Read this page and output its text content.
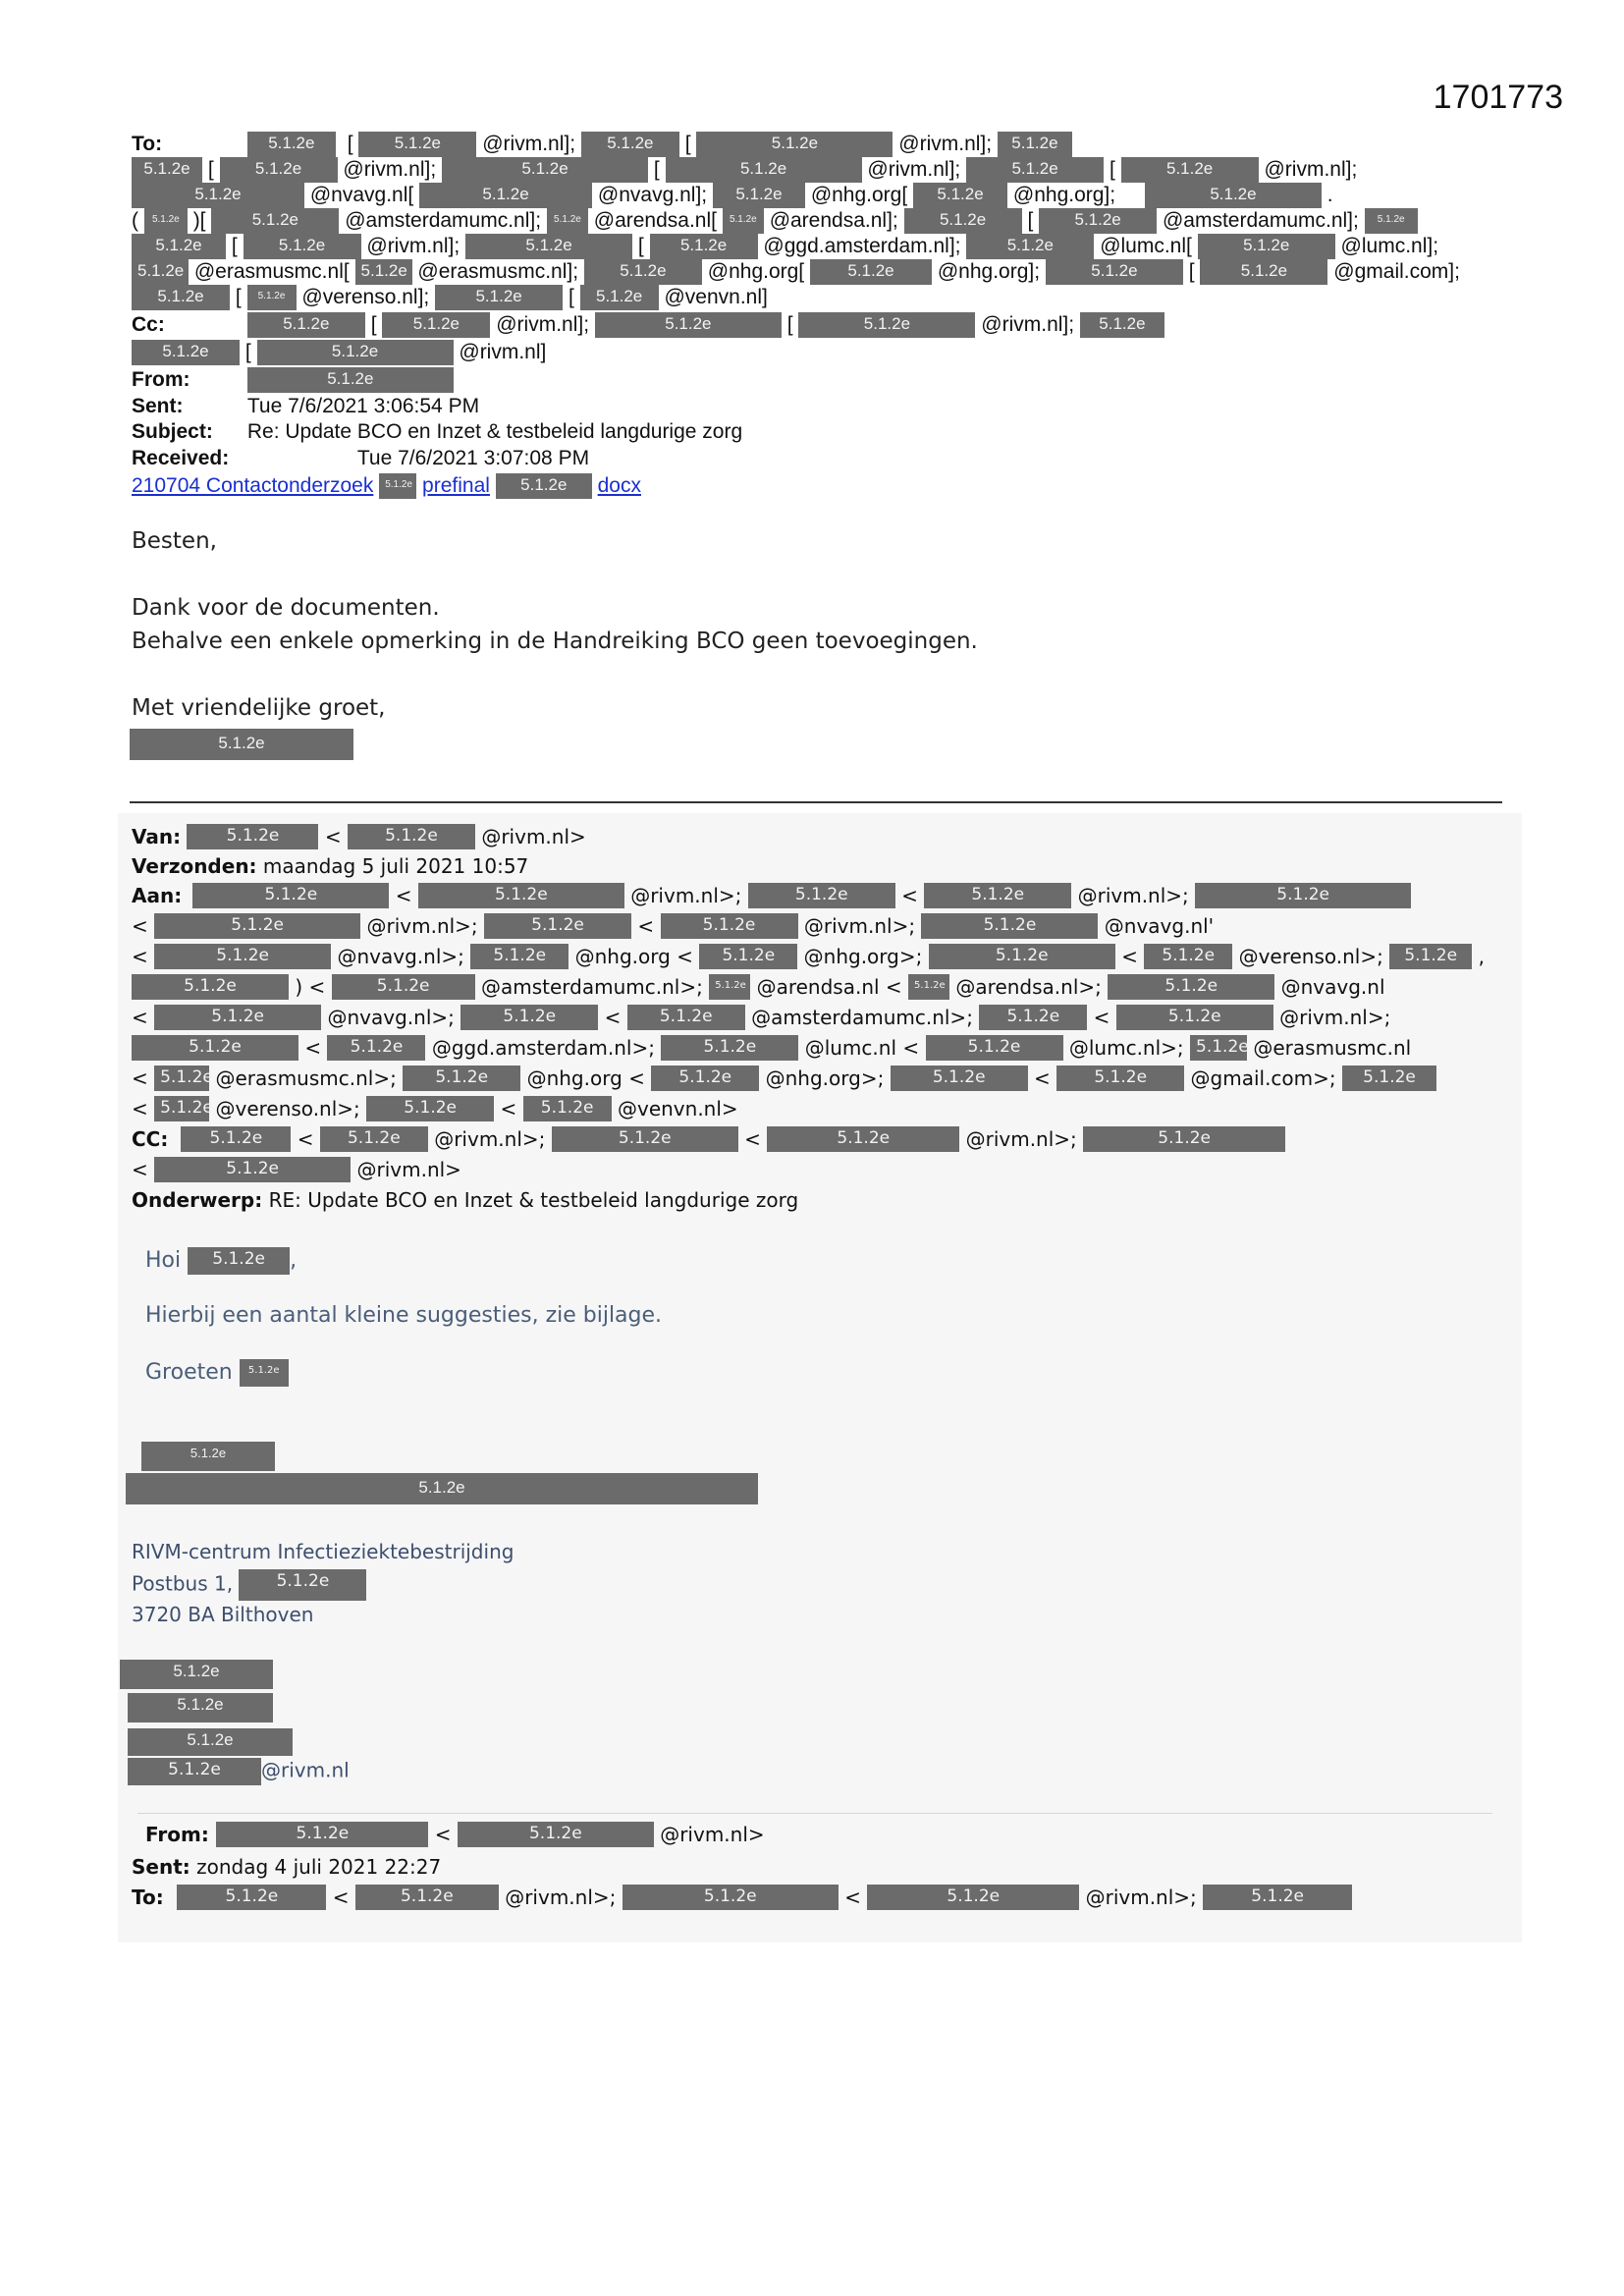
1701773
To:	5.1.2e [ 5.1.2e @rivm.nl]; 5.1.2e [	5.1.2e	@rivm.nl]; 5.1.2e
5.1.2e [ 5.1.2e @rivm.nl];	5.1.2e	[	5.1.2e	@rivm.nl];	5.1.2e [	5.1.2e @rivm.nl];
5.1.2e	@nvavg.nl[	5.1.2e	@nvavg.nl]; 5.1.2e @nhg.org[ 5.1.2e @nhg.org];	5.1.2e	.
( 5.1.2e )[	5.1.2e @amsterdamumc.nl]; 5.1.2e @arendsa.nl[ 5.1.2e @arendsa.nl]; 5.1.2e [ 5.1.2e @amsterdamumc.nl]; 5.1.2e
5.1.2e [ 5.1.2e @rivm.nl];	5.1.2e	[ 5.1.2e @ggd.amsterdam.nl];	5.1.2e @lumc.nl[	5.1.2e @lumc.nl];
5.1.2e @erasmusmc.nl[ 5.1.2e @erasmusmc.nl]; 5.1.2e @nhg.org[	5.1.2e @nhg.org];	5.1.2e [	5.1.2e @gmail.com];
5.1.2e [ 5.1.2e @verenso.nl];	5.1.2e [ 5.1.2e @venvn.nl]
Cc:	5.1.2e [ 5.1.2e @rivm.nl];	5.1.2e	[	5.1.2e	@rivm.nl]; 5.1.2e
5.1.2e [	5.1.2e	@rivm.nl]
From:	5.1.2e
Sent:	Tue 7/6/2021 3:06:54 PM
Subject: Re: Update BCO en Inzet & testbeleid langdurige zorg
Received:	Tue 7/6/2021 3:07:08 PM
210704 Contactonderzoek 5.1.2e prefinal 5.1.2e docx
Besten,
Dank voor de documenten.
Behalve een enkele opmerking in de Handreiking BCO geen toevoegingen.
Met vriendelijke groet,
5.1.2e
Van:	5.1.2e <	5.1.2e @rivm.nl>
Verzonden: maandag 5 juli 2021 10:57
Aan:	5.1.2e	<	5.1.2e	@rivm.nl>;	5.1.2e	<	5.1.2e	@rivm.nl>;	5.1.2e
<	5.1.2e	@rivm.nl>;	5.1.2e	<	5.1.2e @rivm.nl>;	5.1.2e	@nvavg.nl'
<	5.1.2e	@nvavg.nl>; 5.1.2e @nhg.org < 5.1.2e @nhg.org>;	5.1.2e	< 5.1.2e @verenso.nl>; 5.1.2e ,
5.1.2e	) <	5.1.2e	@amsterdamumc.nl>; 5.1.2e @arendsa.nl < 5.1.2e @arendsa.nl>;	5.1.2e	@nvavg.nl
<	5.1.2e	@nvavg.nl>;	5.1.2e < 5.1.2e @amsterdamumc.nl>; 5.1.2e <	5.1.2e	@rivm.nl>;
5.1.2e	< 5.1.2e @ggd.amsterdam.nl>;	5.1.2e @lumc.nl <	5.1.2e @lumc.nl>; 5.1.2e @erasmusmc.nl
< 5.1.2e @erasmusmc.nl>; 5.1.2e @nhg.org < 5.1.2e @nhg.org>;	5.1.2e <	5.1.2e @gmail.com>; 5.1.2e
< 5.1.2e @verenso.nl>;	5.1.2e < 5.1.2e @venvn.nl>
CC: 5.1.2e < 5.1.2e @rivm.nl>;	5.1.2e	<	5.1.2e	@rivm.nl>;	5.1.2e
<	5.1.2e	@rivm.nl>
Onderwerp: RE: Update BCO en Inzet & testbeleid langdurige zorg
Hoi 5.1.2e ,
Hierbij een aantal kleine suggesties, zie bijlage.
Groeten 5.1.2e
5.1.2e
5.1.2e
RIVM-centrum Infectieziektebestrijding
Postbus 1,	5.1.2e
3720 BA Bilthoven
5.1.2e
5.1.2e
5.1.2e
5.1.2e @rivm.nl
From:	5.1.2e	<	5.1.2e	@rivm.nl>
Sent: zondag 4 juli 2021 22:27
To:	5.1.2e	<	5.1.2e	@rivm.nl>;	5.1.2e	<	5.1.2e	@rivm.nl>;	5.1.2e
